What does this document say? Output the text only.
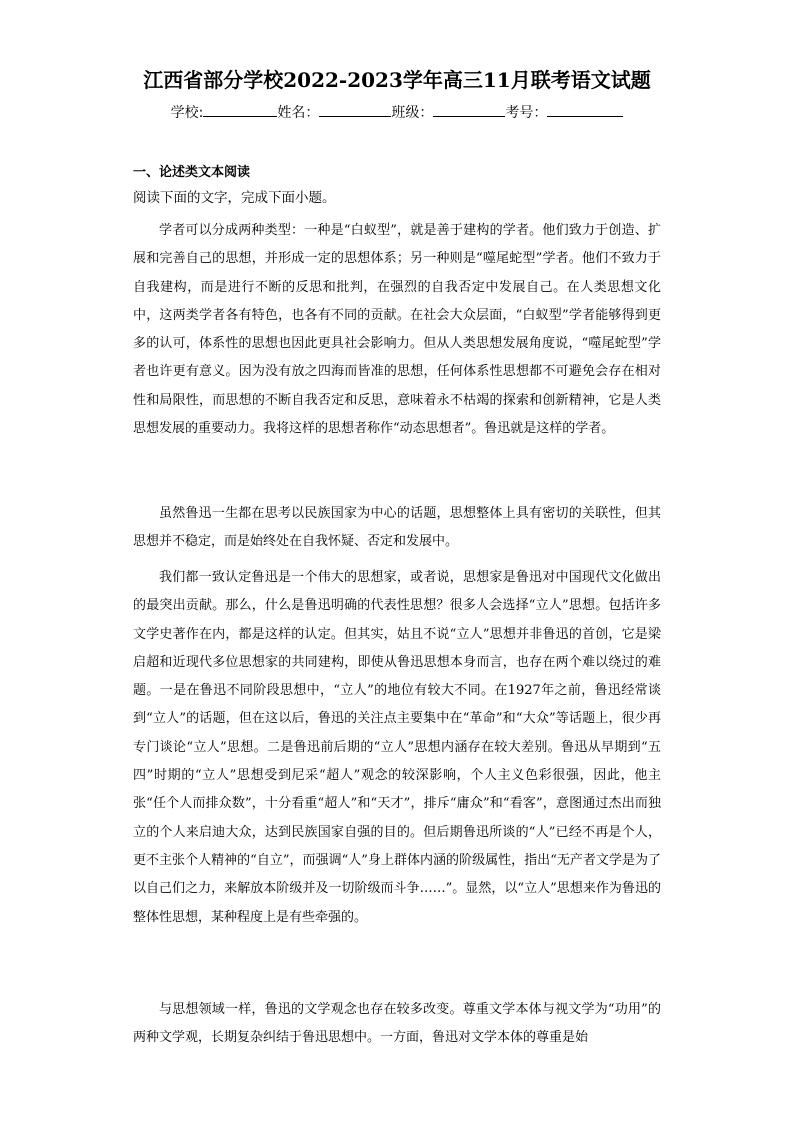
江西省部分学校2022-2023学年高三11月联考语文试题
学校:	姓名：	班级：	考号：
一、论述类文本阅读
阅读下面的文字，完成下面小题。

学者可以分成两种类型：一种是“白蚁型”，就是善于建构的学者。他们致力于创造、扩展和完善自己的思想，并形成一定的思想体系；另一种则是“噬尾蛇型”学者。他们不致力于自我建构，而是进行不断的反思和批判，在强烈的自我否定中发展自己。在人类思想文化中，这两类学者各有特色，也各有不同的贡献。在社会大众层面，“白蚁型”学者能够得到更多的认可，体系性的思想也因此更具社会影响力。但从人类思想发展角度说，“噬尾蛇型”学者也许更有意义。因为没有放之四海而皆准的思想，任何体系性思想都不可避免会存在相对性和局限性，而思想的不断自我否定和反思，意味着永不枯竭的探索和创新精神，它是人类思想发展的重要动力。我将这样的思想者称作“动态思想者”。鲁迅就是这样的学者。

虽然鲁迅一生都在思考以民族国家为中心的话题，思想整体上具有密切的关联性，但其思想并不稳定，而是始终处在自我怀疑、否定和发展中。

我们都一致认定鲁迅是一个伟大的思想家，或者说，思想家是鲁迅对中国现代文化做出的最突出贡献。那么，什么是鲁迅明确的代表性思想？很多人会选择“立人”思想。包括许多文学史著作在内，都是这样的认定。但其实，姑且不说“立人”思想并非鲁迅的首创，它是梁启超和近现代多位思想家的共同建构，即使从鲁迅思想本身而言，也存在两个难以绕过的难题。一是在鲁迅不同阶段思想中，“立人”的地位有较大不同。在1927年之前，鲁迅经常谈到“立人”的话题，但在这以后，鲁迅的关注点主要集中在“革命”和“大众”等话题上，很少再专门谈论“立人”思想。二是鲁迅前后期的“立人”思想内涵存在较大差别。鲁迅从早期到“五四”时期的“立人”思想受到尼采“超人”观念的较深影响，个人主义色彩很强，因此，他主张“任个人而排众数”，十分看重“超人”和“天才”，排斥“庸众”和“看客”，意图通过杰出而独立的个人来启迪大众，达到民族国家自强的目的。但后期鲁迅所谈的“人”已经不再是个人，更不主张个人精神的“自立”，而强调“人”身上群体内涵的阶级属性，指出“无产者文学是为了以自己们之力，来解放本阶级并及一切阶级而斗争……”。显然，以“立人”思想来作为鲁迅的整体性思想，某种程度上是有些牵强的。

与思想领域一样，鲁迅的文学观念也存在较多改变。尊重文学本体与视文学为“功用”的两种文学观，长期复杂纠结于鲁迅思想中。一方面，鲁迅对文学本体的尊重是始
